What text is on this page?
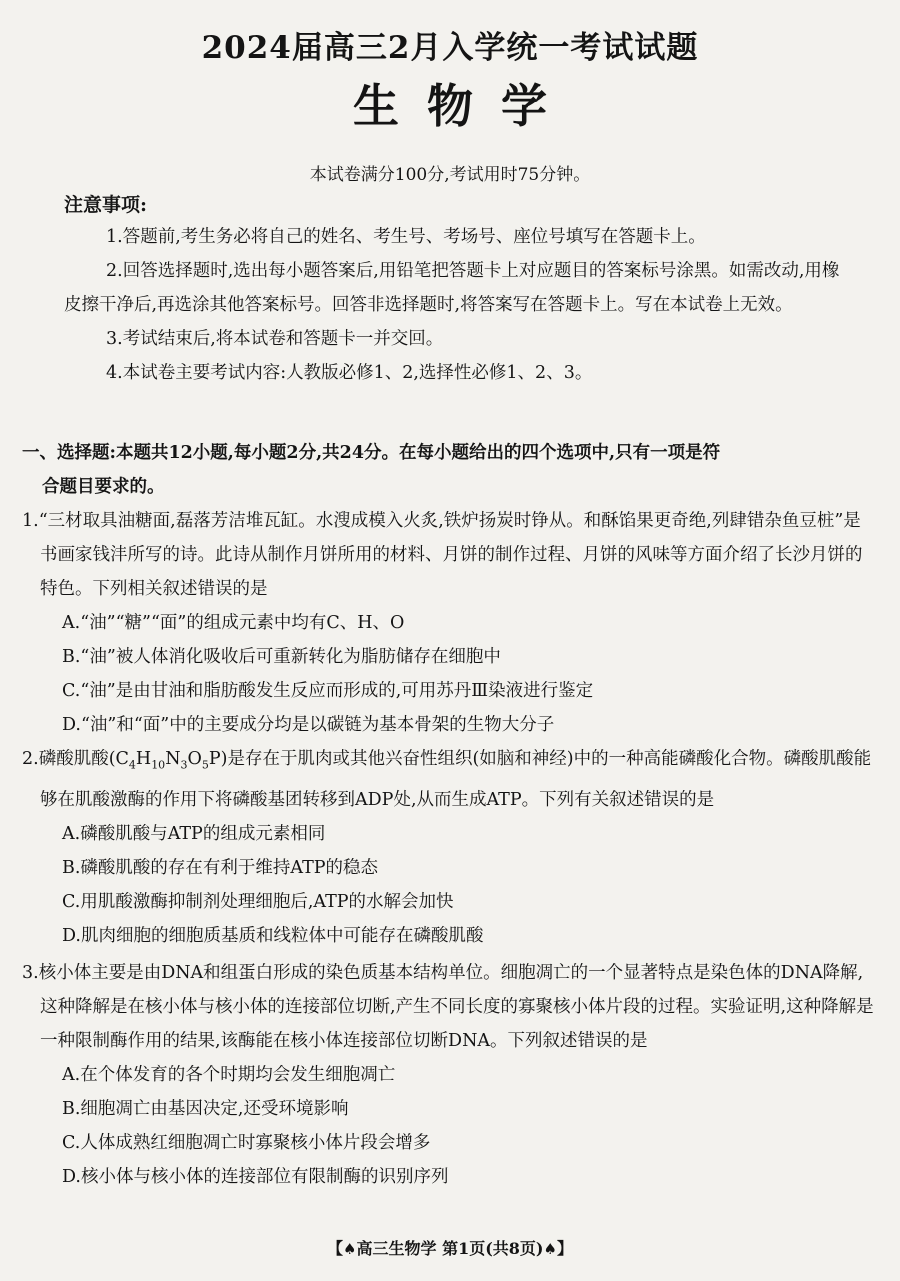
2024届高三2月入学统一考试试题
生物学
本试卷满分100分,考试用时75分钟。
注意事项:

1.答题前,考生务必将自己的姓名、考生号、考场号、座位号填写在答题卡上。

2.回答选择题时,选出每小题答案后,用铅笔把答题卡上对应题目的答案标号涂黑。如需改动,用橡皮擦干净后,再选涂其他答案标号。回答非选择题时,将答案写在答题卡上。写在本试卷上无效。

3.考试结束后,将本试卷和答题卡一并交回。

4.本试卷主要考试内容:人教版必修1、2,选择性必修1、2、3。

一、选择题:本题共12小题,每小题2分,共24分。在每小题给出的四个选项中,只有一项是符
合题目要求的。

1.“三材取具油糖面,磊落芳洁堆瓦缸。水溲成模入火炙,铁炉扬炭时铮从。和酥馅果更奇绝,列肆错杂鱼豆桩”是书画家钱沣所写的诗。此诗从制作月饼所用的材料、月饼的制作过程、月饼的风味等方面介绍了长沙月饼的特色。下列相关叙述错误的是

A.“油”“糖”“面”的组成元素中均有C、H、O

B.“油”被人体消化吸收后可重新转化为脂肪储存在细胞中

C.“油”是由甘油和脂肪酸发生反应而形成的,可用苏丹Ⅲ染液进行鉴定

D.“油”和“面”中的主要成分均是以碳链为基本骨架的生物大分子

2.磷酸肌酸$(C_4H_{10}N_3O_5P)$是存在于肌肉或其他兴奋性组织(如脑和神经)中的一种高能磷酸化合物。磷酸肌酸能够在肌酸激酶的作用下将磷酸基团转移到ADP处,从而生成ATP。下列有关叙述错误的是

A.磷酸肌酸与ATP的组成元素相同

B.磷酸肌酸的存在有利于维持ATP的稳态

C.用肌酸激酶抑制剂处理细胞后,ATP的水解会加快

D.肌肉细胞的细胞质基质和线粒体中可能存在磷酸肌酸

3.核小体主要是由DNA和组蛋白形成的染色质基本结构单位。细胞凋亡的一个显著特点是染色体的DNA降解,这种降解是在核小体与核小体的连接部位切断,产生不同长度的寡聚核小体片段的过程。实验证明,这种降解是一种限制酶作用的结果,该酶能在核小体连接部位切断DNA。下列叙述错误的是

A.在个体发育的各个时期均会发生细胞凋亡

B.细胞凋亡由基因决定,还受环境影响

C.人体成熟红细胞凋亡时寡聚核小体片段会增多

D.核小体与核小体的连接部位有限制酶的识别序列

【♠高三生物学 第1页(共8页)♠】
